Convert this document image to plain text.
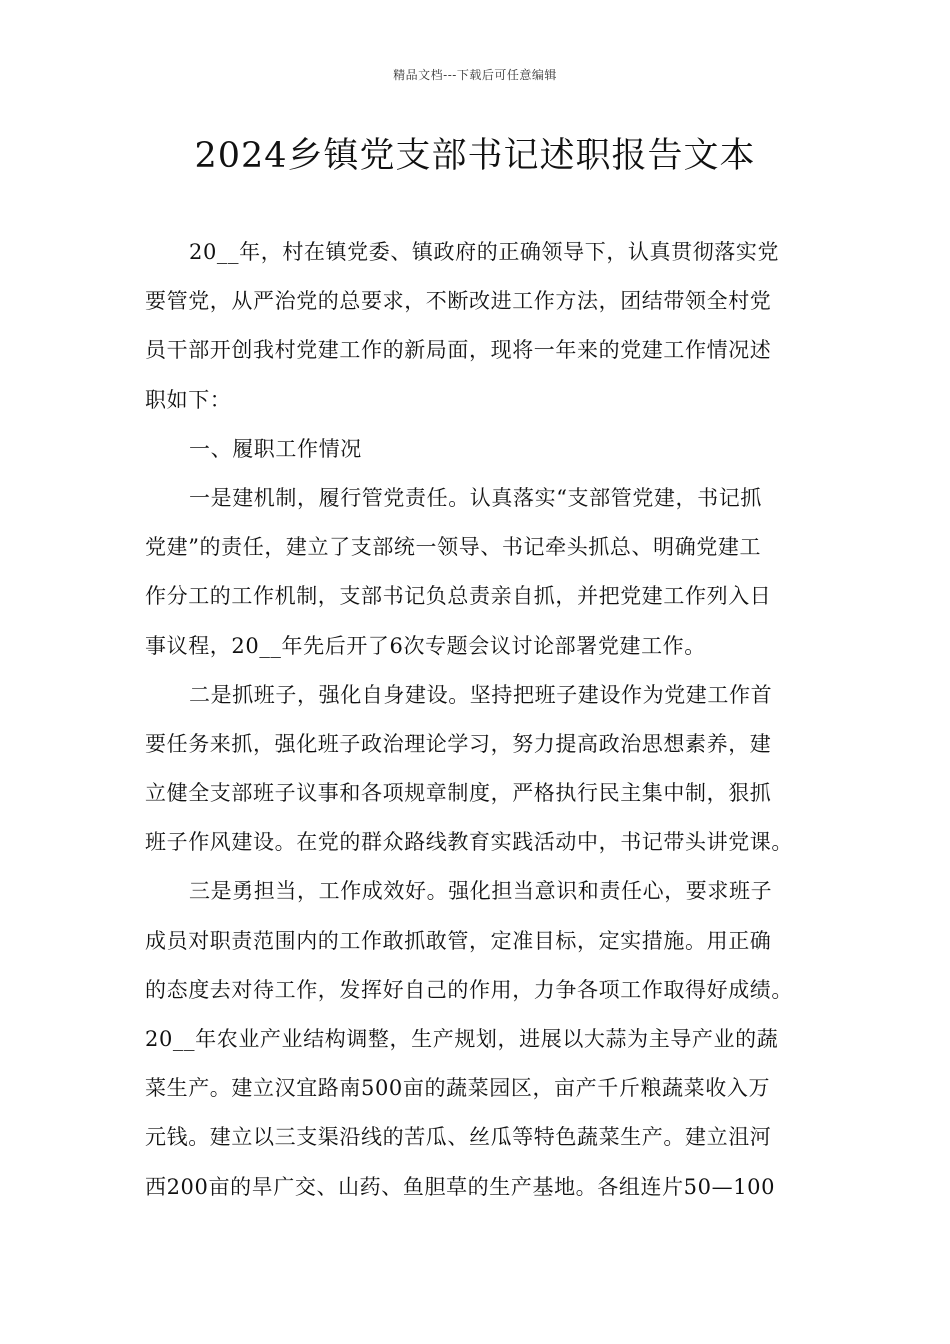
精品文档---下载后可任意编辑
2024乡镇党支部书记述职报告文本
20__年，村在镇党委、镇政府的正确领导下，认真贯彻落实党
要管党，从严治党的总要求，不断改进工作方法，团结带领全村党
员干部开创我村党建工作的新局面，现将一年来的党建工作情况述
职如下：
一、履职工作情况
一是建机制，履行管党责任。认真落实“支部管党建，书记抓
党建”的责任，建立了支部统一领导、书记牵头抓总、明确党建工
作分工的工作机制，支部书记负总责亲自抓，并把党建工作列入日
事议程，20__年先后开了6次专题会议讨论部署党建工作。
二是抓班子，强化自身建设。坚持把班子建设作为党建工作首
要任务来抓，强化班子政治理论学习，努力提高政治思想素养，建
立健全支部班子议事和各项规章制度，严格执行民主集中制，狠抓
班子作风建设。在党的群众路线教育实践活动中，书记带头讲党课。
三是勇担当，工作成效好。强化担当意识和责任心，要求班子
成员对职责范围内的工作敢抓敢管，定准目标，定实措施。用正确
的态度去对待工作，发挥好自己的作用，力争各项工作取得好成绩。
20__年农业产业结构调整，生产规划，进展以大蒜为主导产业的蔬
菜生产。建立汉宜路南500亩的蔬菜园区，亩产千斤粮蔬菜收入万
元钱。建立以三支渠沿线的苦瓜、丝瓜等特色蔬菜生产。建立沮河
西200亩的旱广交、山药、鱼胆草的生产基地。各组连片50—100
